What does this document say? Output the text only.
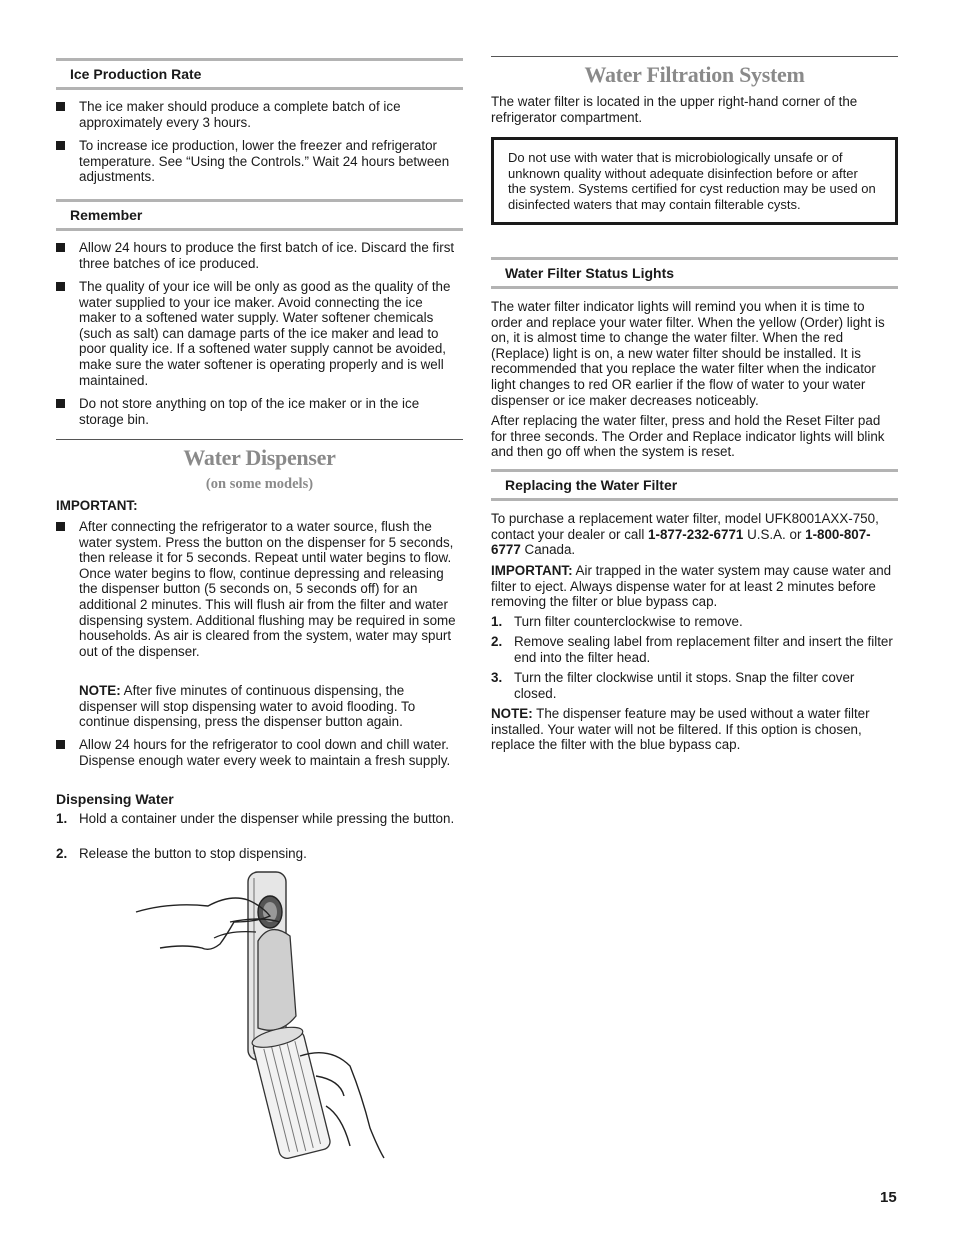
Ice Production Rate
The ice maker should produce a complete batch of ice approximately every 3 hours.
To increase ice production, lower the freezer and refrigerator temperature. See “Using the Controls.” Wait 24 hours between adjustments.
Remember
Allow 24 hours to produce the first batch of ice. Discard the first three batches of ice produced.
The quality of your ice will be only as good as the quality of the water supplied to your ice maker. Avoid connecting the ice maker to a softened water supply. Water softener chemicals (such as salt) can damage parts of the ice maker and lead to poor quality ice. If a softened water supply cannot be avoided, make sure the water softener is operating properly and is well maintained.
Do not store anything on top of the ice maker or in the ice storage bin.
Water Dispenser
(on some models)
IMPORTANT:
After connecting the refrigerator to a water source, flush the water system. Press the button on the dispenser for 5 seconds, then release it for 5 seconds. Repeat until water begins to flow. Once water begins to flow, continue depressing and releasing the dispenser button (5 seconds on, 5 seconds off) for an additional 2 minutes. This will flush air from the filter and water dispensing system. Additional flushing may be required in some households. As air is cleared from the system, water may spurt out of the dispenser.
NOTE: After five minutes of continuous dispensing, the dispenser will stop dispensing water to avoid flooding. To continue dispensing, press the dispenser button again.
Allow 24 hours for the refrigerator to cool down and chill water. Dispense enough water every week to maintain a fresh supply.
Dispensing Water
1. Hold a container under the dispenser while pressing the button.
2. Release the button to stop dispensing.
Water Filtration System
The water filter is located in the upper right-hand corner of the refrigerator compartment.
Do not use with water that is microbiologically unsafe or of unknown quality without adequate disinfection before or after the system. Systems certified for cyst reduction may be used on disinfected waters that may contain filterable cysts.
Water Filter Status Lights
The water filter indicator lights will remind you when it is time to order and replace your water filter. When the yellow (Order) light is on, it is almost time to change the water filter. When the red (Replace) light is on, a new water filter should be installed. It is recommended that you replace the water filter when the indicator light changes to red OR earlier if the flow of water to your water dispenser or ice maker decreases noticeably.
After replacing the water filter, press and hold the Reset Filter pad for three seconds. The Order and Replace indicator lights will blink and then go off when the system is reset.
Replacing the Water Filter
To purchase a replacement water filter, model UFK8001AXX-750, contact your dealer or call 1-877-232-6771 U.S.A. or 1-800-807-6777 Canada.
IMPORTANT: Air trapped in the water system may cause water and filter to eject. Always dispense water for at least 2 minutes before removing the filter or blue bypass cap.
1. Turn filter counterclockwise to remove.
2. Remove sealing label from replacement filter and insert the filter end into the filter head.
3. Turn the filter clockwise until it stops. Snap the filter cover closed.
NOTE: The dispenser feature may be used without a water filter installed. Your water will not be filtered. If this option is chosen, replace the filter with the blue bypass cap.
15
